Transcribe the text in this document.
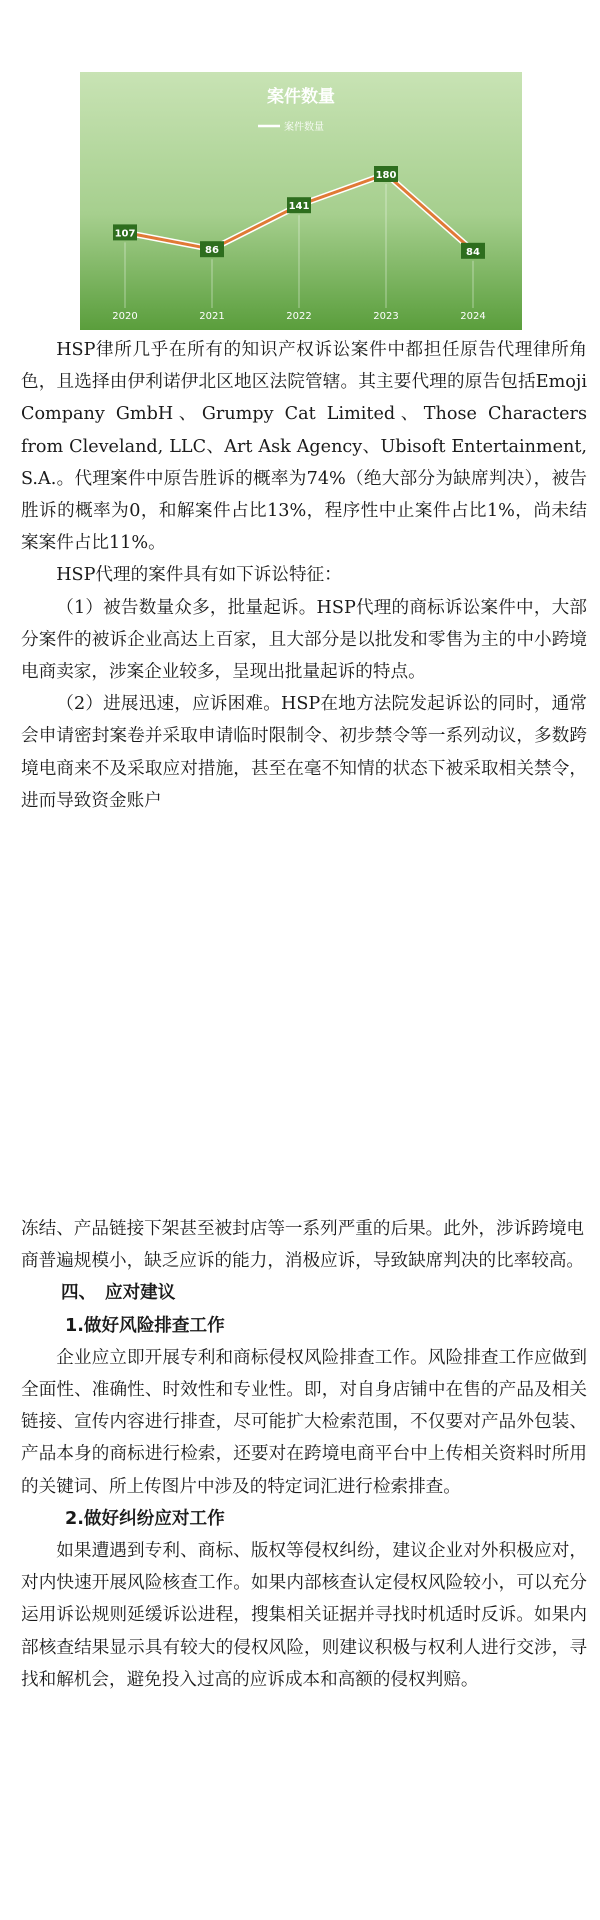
案件数量
案件数量
107
86
141
180
84
2020	2021	2022	2023	2024

HSP律所几乎在所有的知识产权诉讼案件中都担任原告代理律所角色，且选择由伊利诺伊北区地区法院管辖。其主要代理的原告包括Emoji Company GmbH、Grumpy Cat Limited、Those Characters from Cleveland, LLC、Art Ask Agency、Ubisoft Entertainment, S.A.。代理案件中原告胜诉的概率为74%（绝大部分为缺席判决），被告胜诉的概率为0，和解案件占比13%，程序性中止案件占比1%，尚未结案案件占比11%。

HSP代理的案件具有如下诉讼特征：

（1）被告数量众多，批量起诉。HSP代理的商标诉讼案件中，大部分案件的被诉企业高达上百家，且大部分是以批发和零售为主的中小跨境电商卖家，涉案企业较多，呈现出批量起诉的特点。

（2）进展迅速，应诉困难。HSP在地方法院发起诉讼的同时，通常会申请密封案卷并采取申请临时限制令、初步禁令等一系列动议，多数跨境电商来不及采取应对措施，甚至在毫不知情的状态下被采取相关禁令，进而导致资金账户

冻结、产品链接下架甚至被封店等一系列严重的后果。此外，涉诉跨境电商普遍规模小，缺乏应诉的能力，消极应诉，导致缺席判决的比率较高。

四、　应对建议
1.做好风险排查工作

企业应立即开展专利和商标侵权风险排查工作。风险排查工作应做到全面性、准确性、时效性和专业性。即，对自身店铺中在售的产品及相关链接、宣传内容进行排查，尽可能扩大检索范围，不仅要对产品外包装、产品本身的商标进行检索，还要对在跨境电商平台中上传相关资料时所用的关键词、所上传图片中涉及的特定词汇进行检索排查。

2.做好纠纷应对工作

如果遭遇到专利、商标、版权等侵权纠纷，建议企业对外积极应对，对内快速开展风险核查工作。如果内部核查认定侵权风险较小，可以充分运用诉讼规则延缓诉讼进程，搜集相关证据并寻找时机适时反诉。如果内部核查结果显示具有较大的侵权风险，则建议积极与权利人进行交涉，寻找和解机会，避免投入过高的应诉成本和高额的侵权判赔。
